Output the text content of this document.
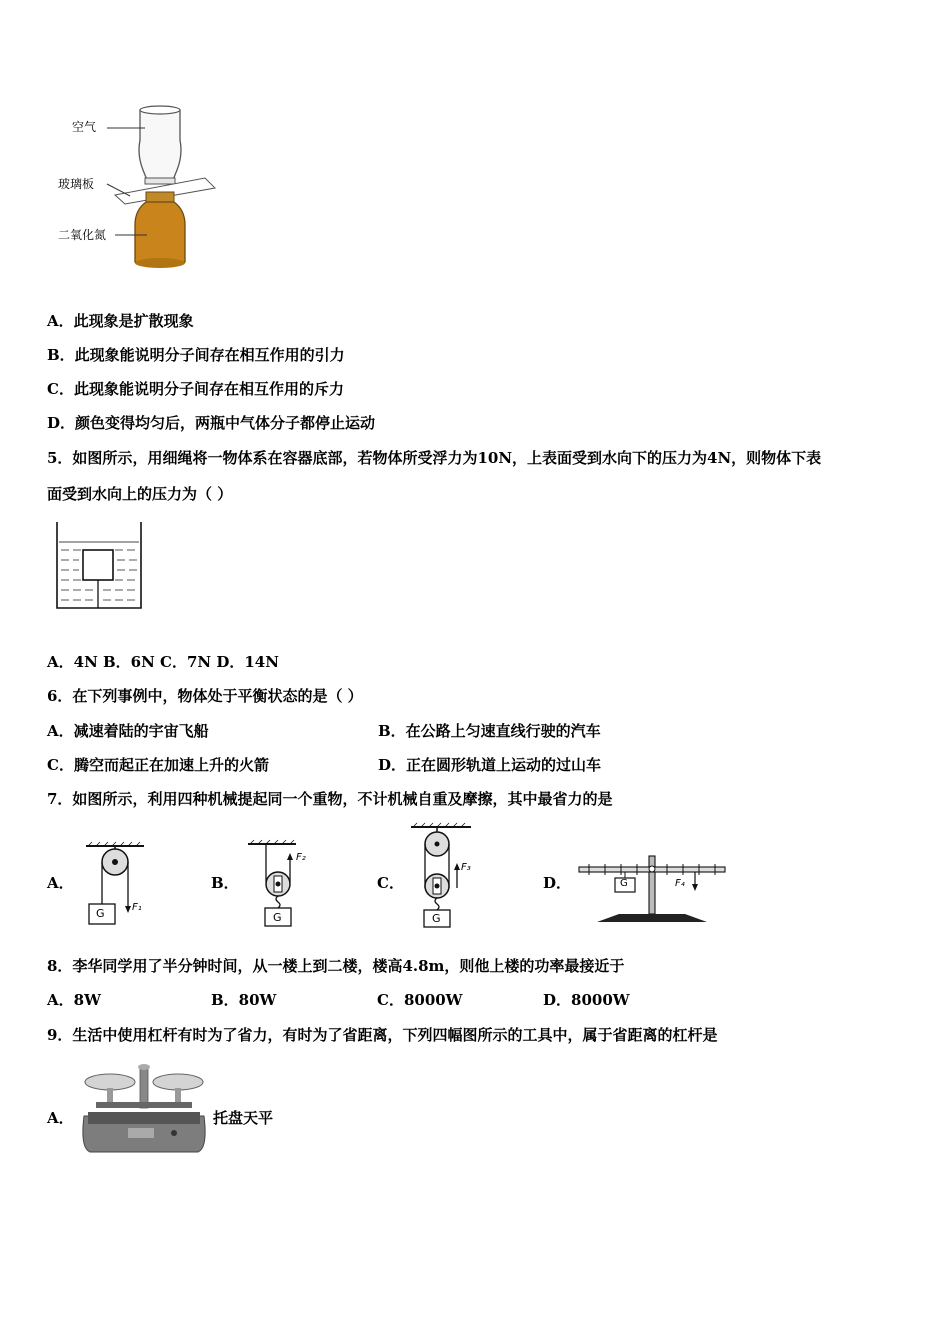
空气
玻璃板
二氧化氮
A．此现象是扩散现象
B．此现象能说明分子间存在相互作用的引力
C．此现象能说明分子间存在相互作用的斥力
D．颜色变得均匀后，两瓶中气体分子都停止运动
5．如图所示，用细绳将一物体系在容器底部，若物体所受浮力为10N，上表面受到水向下的压力为4N，则物体下表
面受到水向上的压力为（ ）
A．4N B．6N C．7N D．14N
6．在下列事例中，物体处于平衡状态的是（ ）
A．减速着陆的宇宙飞船	B．在公路上匀速直线行驶的汽车
C．腾空而起正在加速上升的火箭	D．正在圆形轨道上运动的过山车
7．如图所示，利用四种机械提起同一个重物，不计机械自重及摩擦，其中最省力的是
A．
G	F₁
B．
G
F₂
C．
G
F₃
D．	G	F₄
8．李华同学用了半分钟时间，从一楼上到二楼，楼高4.8m，则他上楼的功率最接近于
A．8W	B．80W	C．8000W	D．8000W
9．生活中使用杠杆有时为了省力，有时为了省距离，下列四幅图所示的工具中，属于省距离的杠杆是
A．	托盘天平
